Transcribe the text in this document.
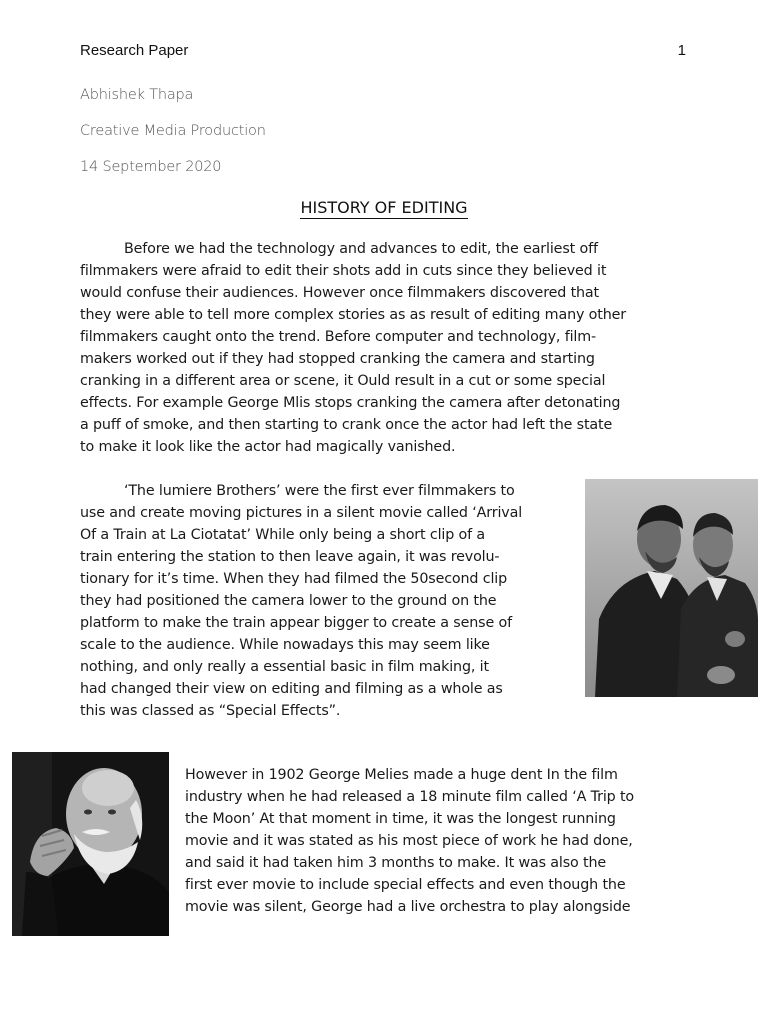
Research Paper	1
Abhishek Thapa
Creative Media Production
14 September 2020
HISTORY OF EDITING
Before we had the technology and advances to edit, the earliest off
filmmakers were afraid to edit their shots add in cuts since they believed it
would confuse their audiences. However once filmmakers discovered that
they were able to tell more complex stories as as result of editing many other
filmmakers caught onto the trend. Before computer and technology, film-
makers worked out if they had stopped cranking the camera and starting
cranking in a different area or scene, it Ould result in a cut or some special
effects. For example George Mlis stops cranking the camera after detonating
a puff of smoke, and then starting to crank once the actor had left the state
to make it look like the actor had magically vanished.
‘The lumiere Brothers’ were the first ever filmmakers to
use and create moving pictures in a silent movie called ‘Arrival
Of a Train at La Ciotatat’ While only being a short clip of a
train entering the station to then leave again, it was revolu-
tionary for it’s time. When they had filmed the 50second clip
they had positioned the camera lower to the ground on the
platform to make the train appear bigger to create a sense of
scale to the audience. While nowadays this may seem like
nothing, and only really a essential basic in film making, it
had changed their view on editing and filming as a whole as
this was classed as “Special Effects”.
However in 1902 George Melies made a huge dent In the film
industry when he had released a 18 minute film called ‘A Trip to
the Moon’ At that moment in time, it was the longest running
movie and it was stated as his most piece of work he had done,
and said it had taken him 3 months to make. It was also the
first ever movie to include special effects and even though the
movie was silent, George had a live orchestra to play alongside
